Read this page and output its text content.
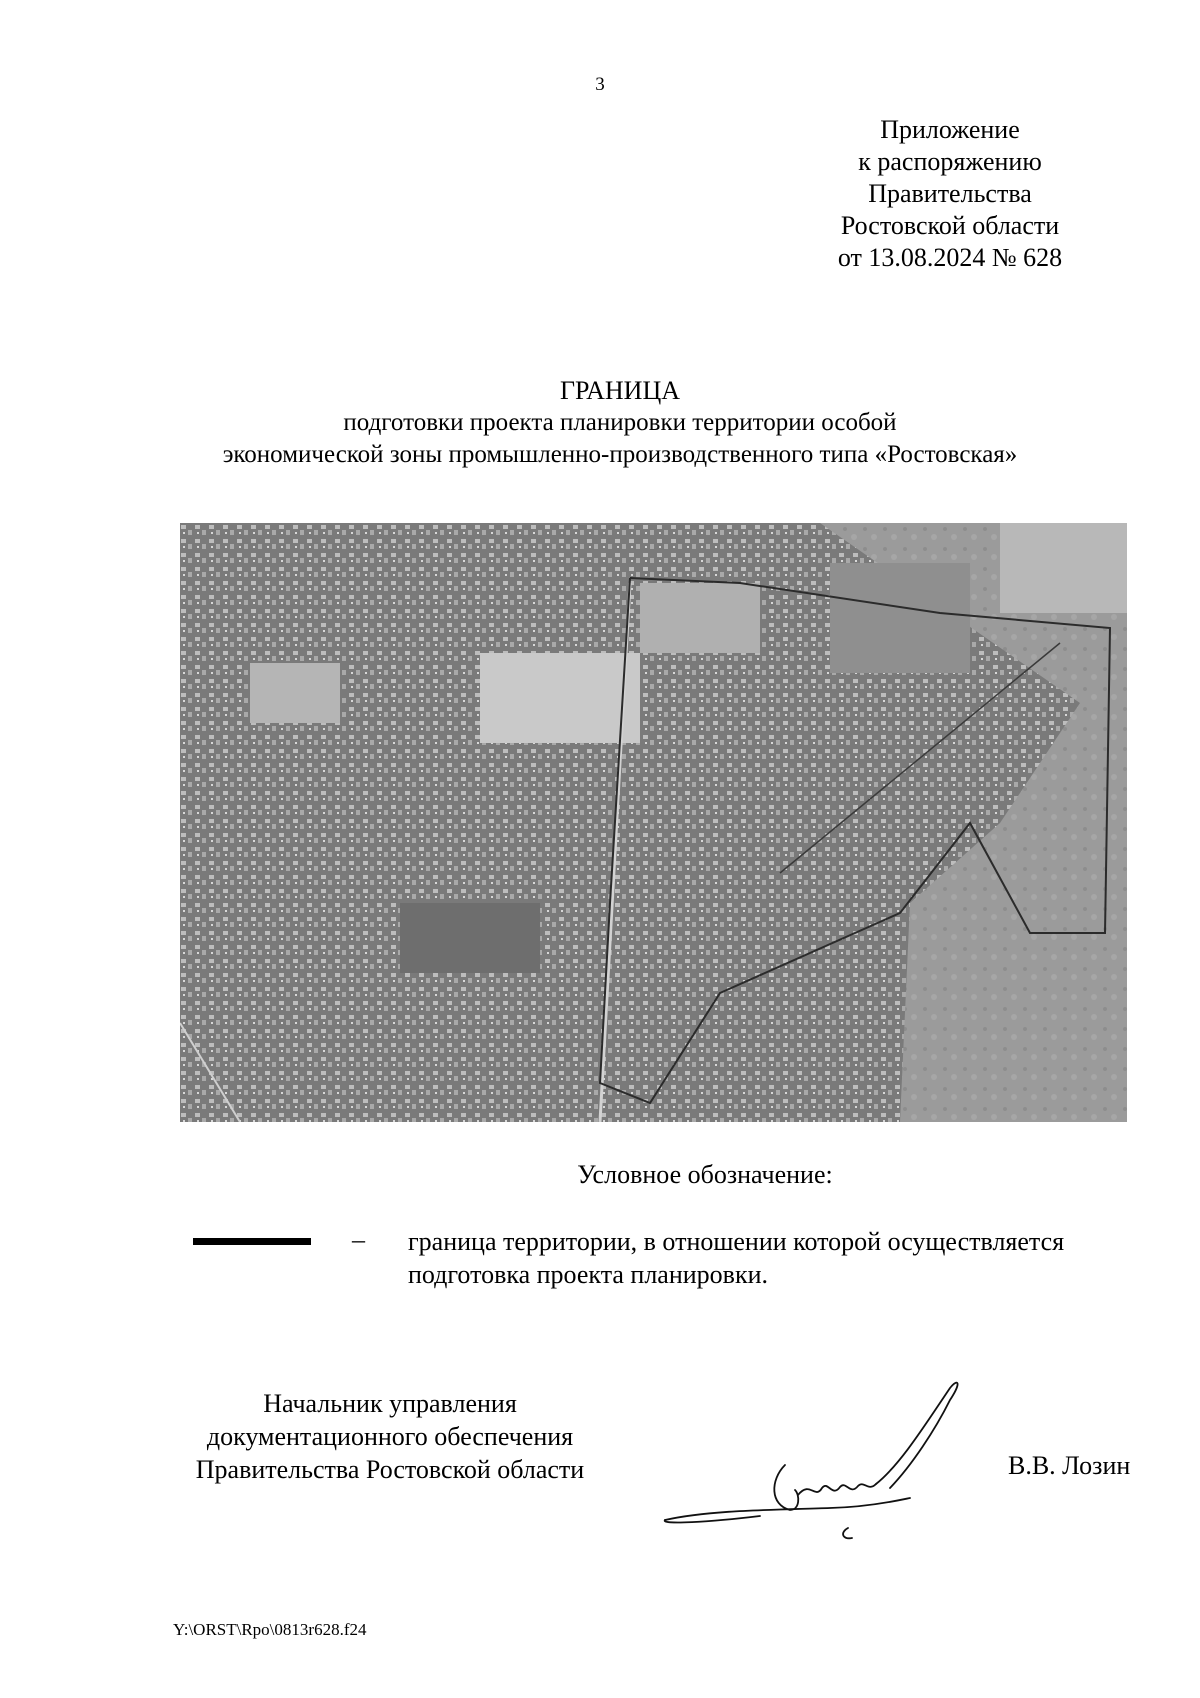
3
Приложение
к распоряжению
Правительства
Ростовской области
от 13.08.2024 № 628
ГРАНИЦА
подготовки проекта планировки территории особой
экономической зоны промышленно-производственного типа «Ростовская»
Условное обозначение:
– граница территории, в отношении которой осуществляется
подготовка проекта планировки.
Начальник управления
документационного обеспечения
Правительства Ростовской области	В.В. Лозин
Y:\ORST\Rpo\0813r628.f24
